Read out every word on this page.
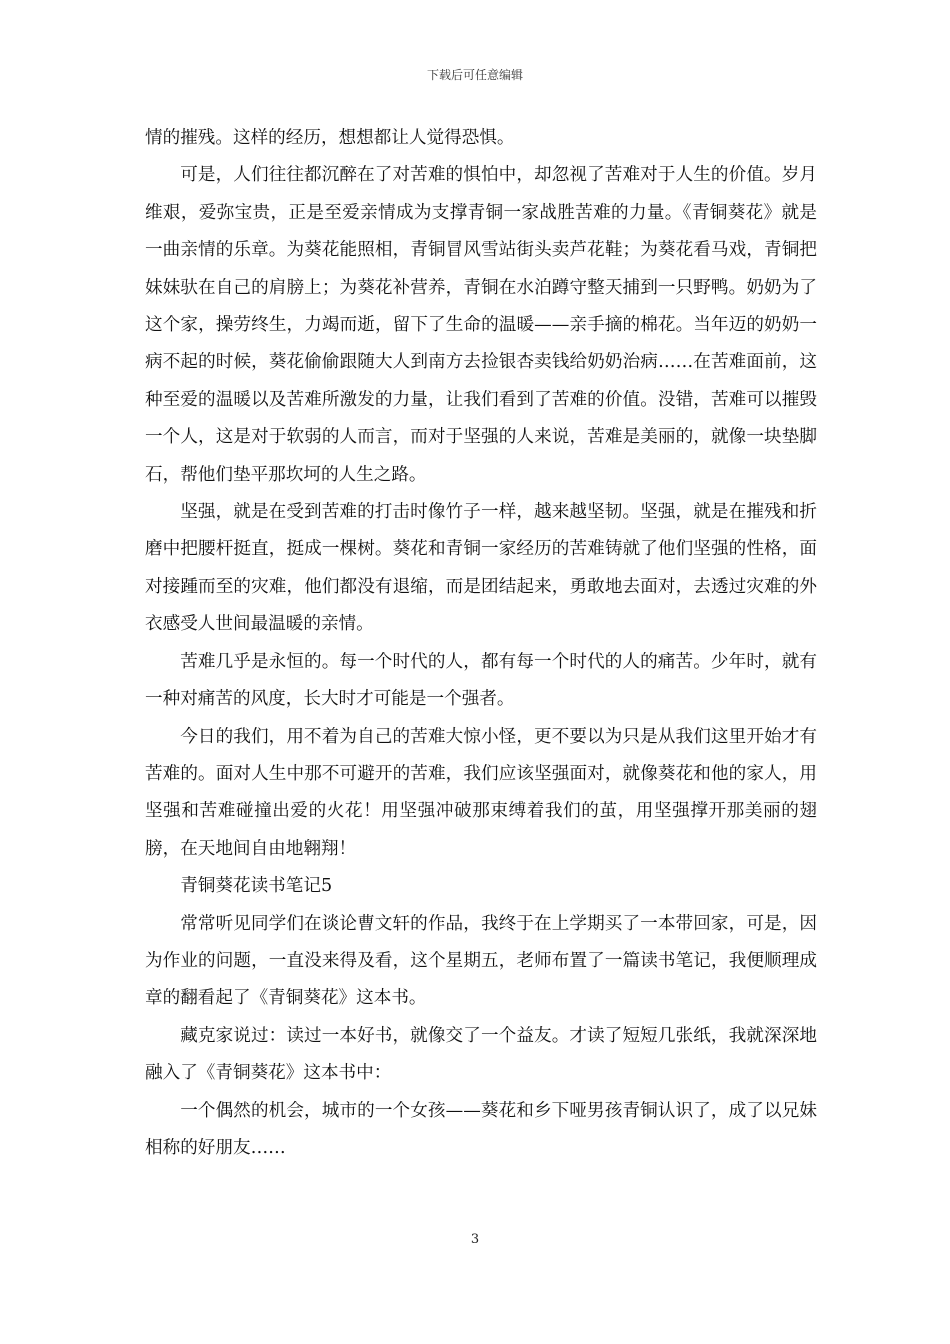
下载后可任意编辑

情的摧残。这样的经历，想想都让人觉得恐惧。

可是，人们往往都沉醉在了对苦难的惧怕中，却忽视了苦难对于人生的价值。岁月维艰，爱弥宝贵，正是至爱亲情成为支撑青铜一家战胜苦难的力量。《青铜葵花》就是一曲亲情的乐章。为葵花能照相，青铜冒风雪站街头卖芦花鞋；为葵花看马戏，青铜把妹妹驮在自己的肩膀上；为葵花补营养，青铜在水泊蹲守整天捕到一只野鸭。奶奶为了这个家，操劳终生，力竭而逝，留下了生命的温暖——亲手摘的棉花。当年迈的奶奶一病不起的时候，葵花偷偷跟随大人到南方去捡银杏卖钱给奶奶治病……在苦难面前，这种至爱的温暖以及苦难所激发的力量，让我们看到了苦难的价值。没错，苦难可以摧毁一个人，这是对于软弱的人而言，而对于坚强的人来说，苦难是美丽的，就像一块垫脚石，帮他们垫平那坎坷的人生之路。

坚强，就是在受到苦难的打击时像竹子一样，越来越坚韧。坚强，就是在摧残和折磨中把腰杆挺直，挺成一棵树。葵花和青铜一家经历的苦难铸就了他们坚强的性格，面对接踵而至的灾难，他们都没有退缩，而是团结起来，勇敢地去面对，去透过灾难的外衣感受人世间最温暖的亲情。

苦难几乎是永恒的。每一个时代的人，都有每一个时代的人的痛苦。少年时，就有一种对痛苦的风度，长大时才可能是一个强者。

今日的我们，用不着为自己的苦难大惊小怪，更不要以为只是从我们这里开始才有苦难的。面对人生中那不可避开的苦难，我们应该坚强面对，就像葵花和他的家人，用坚强和苦难碰撞出爱的火花！用坚强冲破那束缚着我们的茧，用坚强撑开那美丽的翅膀，在天地间自由地翱翔！

青铜葵花读书笔记5

常常听见同学们在谈论曹文轩的作品，我终于在上学期买了一本带回家，可是，因为作业的问题，一直没来得及看，这个星期五，老师布置了一篇读书笔记，我便顺理成章的翻看起了《青铜葵花》这本书。

藏克家说过：读过一本好书，就像交了一个益友。才读了短短几张纸，我就深深地融入了《青铜葵花》这本书中：

一个偶然的机会，城市的一个女孩——葵花和乡下哑男孩青铜认识了，成了以兄妹相称的好朋友……

3
